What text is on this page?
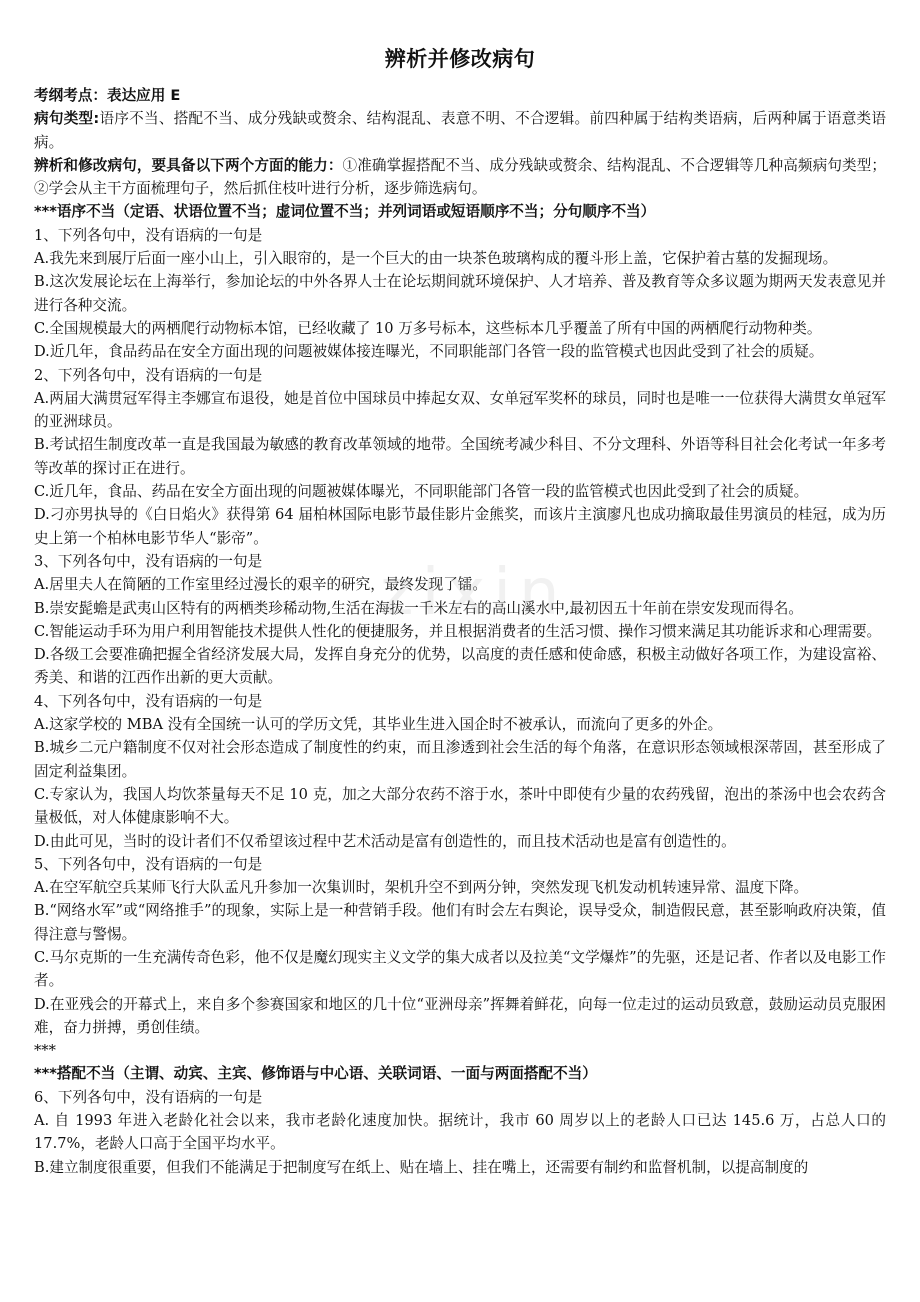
辨析并修改病句

考纲考点：表达应用 E

病句类型:语序不当、搭配不当、成分残缺或赘余、结构混乱、表意不明、不合逻辑。前四种属于结构类语病，后两种属于语意类语病。

辨析和修改病句，要具备以下两个方面的能力：①准确掌握搭配不当、成分残缺或赘余、结构混乱、不合逻辑等几种高频病句类型；②学会从主干方面梳理句子，然后抓住枝叶进行分析，逐步筛选病句。

***语序不当（定语、状语位置不当；虚词位置不当；并列词语或短语顺序不当；分句顺序不当）

1、下列各句中，没有语病的一句是

A.我先来到展厅后面一座小山上，引入眼帘的，是一个巨大的由一块茶色玻璃构成的覆斗形上盖，它保护着古墓的发掘现场。

B.这次发展论坛在上海举行，参加论坛的中外各界人士在论坛期间就环境保护、人才培养、普及教育等众多议题为期两天发表意见并进行各种交流。

C.全国规模最大的两栖爬行动物标本馆，已经收藏了 10 万多号标本，这些标本几乎覆盖了所有中国的两栖爬行动物种类。

D.近几年，食品药品在安全方面出现的问题被媒体接连曝光，不同职能部门各管一段的监管模式也因此受到了社会的质疑。

2、下列各句中，没有语病的一句是

A.两届大满贯冠军得主李娜宣布退役，她是首位中国球员中捧起女双、女单冠军奖杯的球员，同时也是唯一一位获得大满贯女单冠军的亚洲球员。

B.考试招生制度改革一直是我国最为敏感的教育改革领域的地带。全国统考减少科目、不分文理科、外语等科目社会化考试一年多考等改革的探讨正在进行。

C.近几年，食品、药品在安全方面出现的问题被媒体曝光，不同职能部门各管一段的监管模式也因此受到了社会的质疑。

D.刁亦男执导的《白日焰火》获得第 64 届柏林国际电影节最佳影片金熊奖，而该片主演廖凡也成功摘取最佳男演员的桂冠，成为历史上第一个柏林电影节华人“影帝”。

3、下列各句中，没有语病的一句是

A.居里夫人在简陋的工作室里经过漫长的艰辛的研究，最终发现了镭。

B.崇安髭蟾是武夷山区特有的两栖类珍稀动物,生活在海拔一千米左右的高山溪水中,最初因五十年前在崇安发现而得名。

C.智能运动手环为用户利用智能技术提供人性化的便捷服务，并且根据消费者的生活习惯、操作习惯来满足其功能诉求和心理需要。

D.各级工会要准确把握全省经济发展大局，发挥自身充分的优势，以高度的责任感和使命感，积极主动做好各项工作，为建设富裕、秀美、和谐的江西作出新的更大贡献。

4、下列各句中，没有语病的一句是

A.这家学校的 MBA 没有全国统一认可的学历文凭，其毕业生进入国企时不被承认，而流向了更多的外企。

B.城乡二元户籍制度不仅对社会形态造成了制度性的约束，而且渗透到社会生活的每个角落，在意识形态领域根深蒂固，甚至形成了固定利益集团。

C.专家认为，我国人均饮茶量每天不足 10 克，加之大部分农药不溶于水，茶叶中即使有少量的农药残留，泡出的茶汤中也会农药含量极低，对人体健康影响不大。

D.由此可见，当时的设计者们不仅希望该过程中艺术活动是富有创造性的，而且技术活动也是富有创造性的。

5、下列各句中，没有语病的一句是

A.在空军航空兵某师飞行大队孟凡升参加一次集训时，架机升空不到两分钟，突然发现飞机发动机转速异常、温度下降。

B.“网络水军”或“网络推手”的现象，实际上是一种营销手段。他们有时会左右舆论，误导受众，制造假民意，甚至影响政府决策，值得注意与警惕。

C.马尔克斯的一生充满传奇色彩，他不仅是魔幻现实主义文学的集大成者以及拉美“文学爆炸”的先驱，还是记者、作者以及电影工作者。

D.在亚残会的开幕式上，来自多个参赛国家和地区的几十位“亚洲母亲”挥舞着鲜花，向每一位走过的运动员致意，鼓励运动员克服困难，奋力拼搏，勇创佳绩。

***

***搭配不当（主谓、动宾、主宾、修饰语与中心语、关联词语、一面与两面搭配不当）

6、下列各句中，没有语病的一句是

A. 自 1993 年进入老龄化社会以来，我市老龄化速度加快。据统计，我市 60 周岁以上的老龄人口已达 145.6 万，占总人口的 17.7%，老龄人口高于全国平均水平。

B.建立制度很重要，但我们不能满足于把制度写在纸上、贴在墙上、挂在嘴上，还需要有制约和监督机制，以提高制度的

zixin
